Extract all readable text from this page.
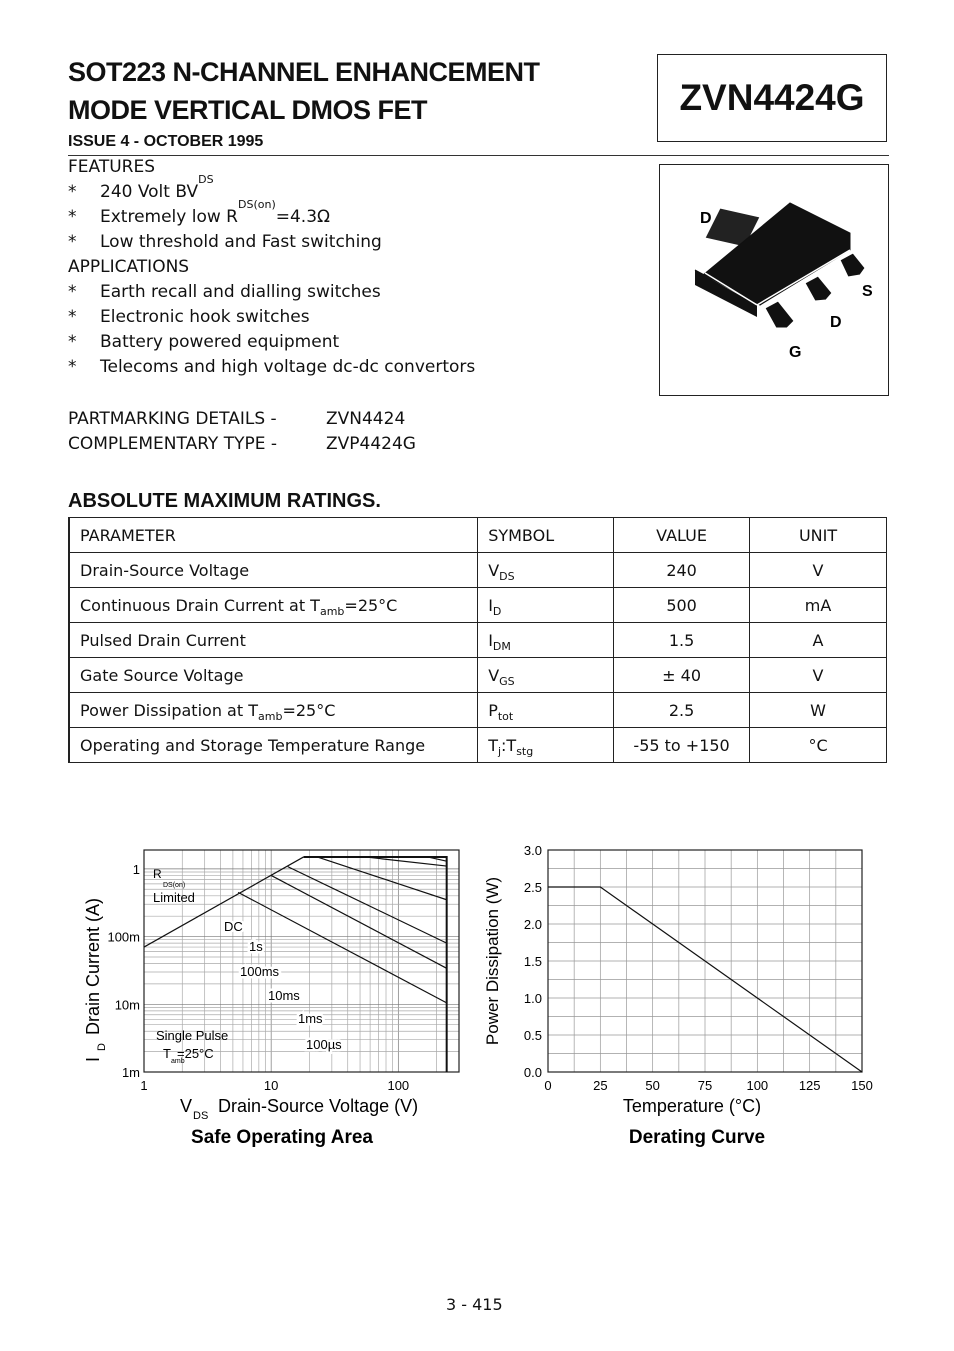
SOT223 N-CHANNEL ENHANCEMENT
MODE VERTICAL DMOS FET
ISSUE 4 - OCTOBER 1995
ZVN4424G
D
S
D
G
FEATURES
*	240 Volt BV
DS
*	Extremely low R
DS(on)
=4.3Ω
*	Low threshold and Fast switching
APPLICATIONS
*	Earth recall and dialling switches
*	Electronic hook switches
*	Battery powered equipment
*	Telecoms and high voltage dc-dc convertors
PARTMARKING DETAILS -	ZVN4424
COMPLEMENTARY TYPE -	ZVP4424G
ABSOLUTE MAXIMUM RATINGS.
PARAMETER	SYMBOL	VALUE	UNIT
Drain-Source Voltage	$V_{DS}$	240	V
Continuous Drain Current at $T_{amb}=25^\circ C$	$I_D$	500	mA
Pulsed Drain Current	$I_{DM}$	1.5	A
Gate Source Voltage	$V_{GS}$	± 40	V
Power Dissipation at $T_{amb}=25^\circ C$	$P_{tot}$	2.5	W
Operating and Storage Temperature Range	$T_j:T_{stg}$	-55 to +150	°C
1	10	100
1
100m
10m
1m
R
DS(on)
Limited
DC
1s
100ms
10ms
1ms
100µs
Single Pulse
T
amb
=25°C
V DS Drain-Source Voltage (V)
I
D
Drain Current (A)
Safe Operating Area
0	25	50	75	100 125 150
0.0
0.5
1.0
1.5
2.0
2.5
3.0
Temperature (°C)
Power Dissipation (W)
Derating Curve
3 - 415
